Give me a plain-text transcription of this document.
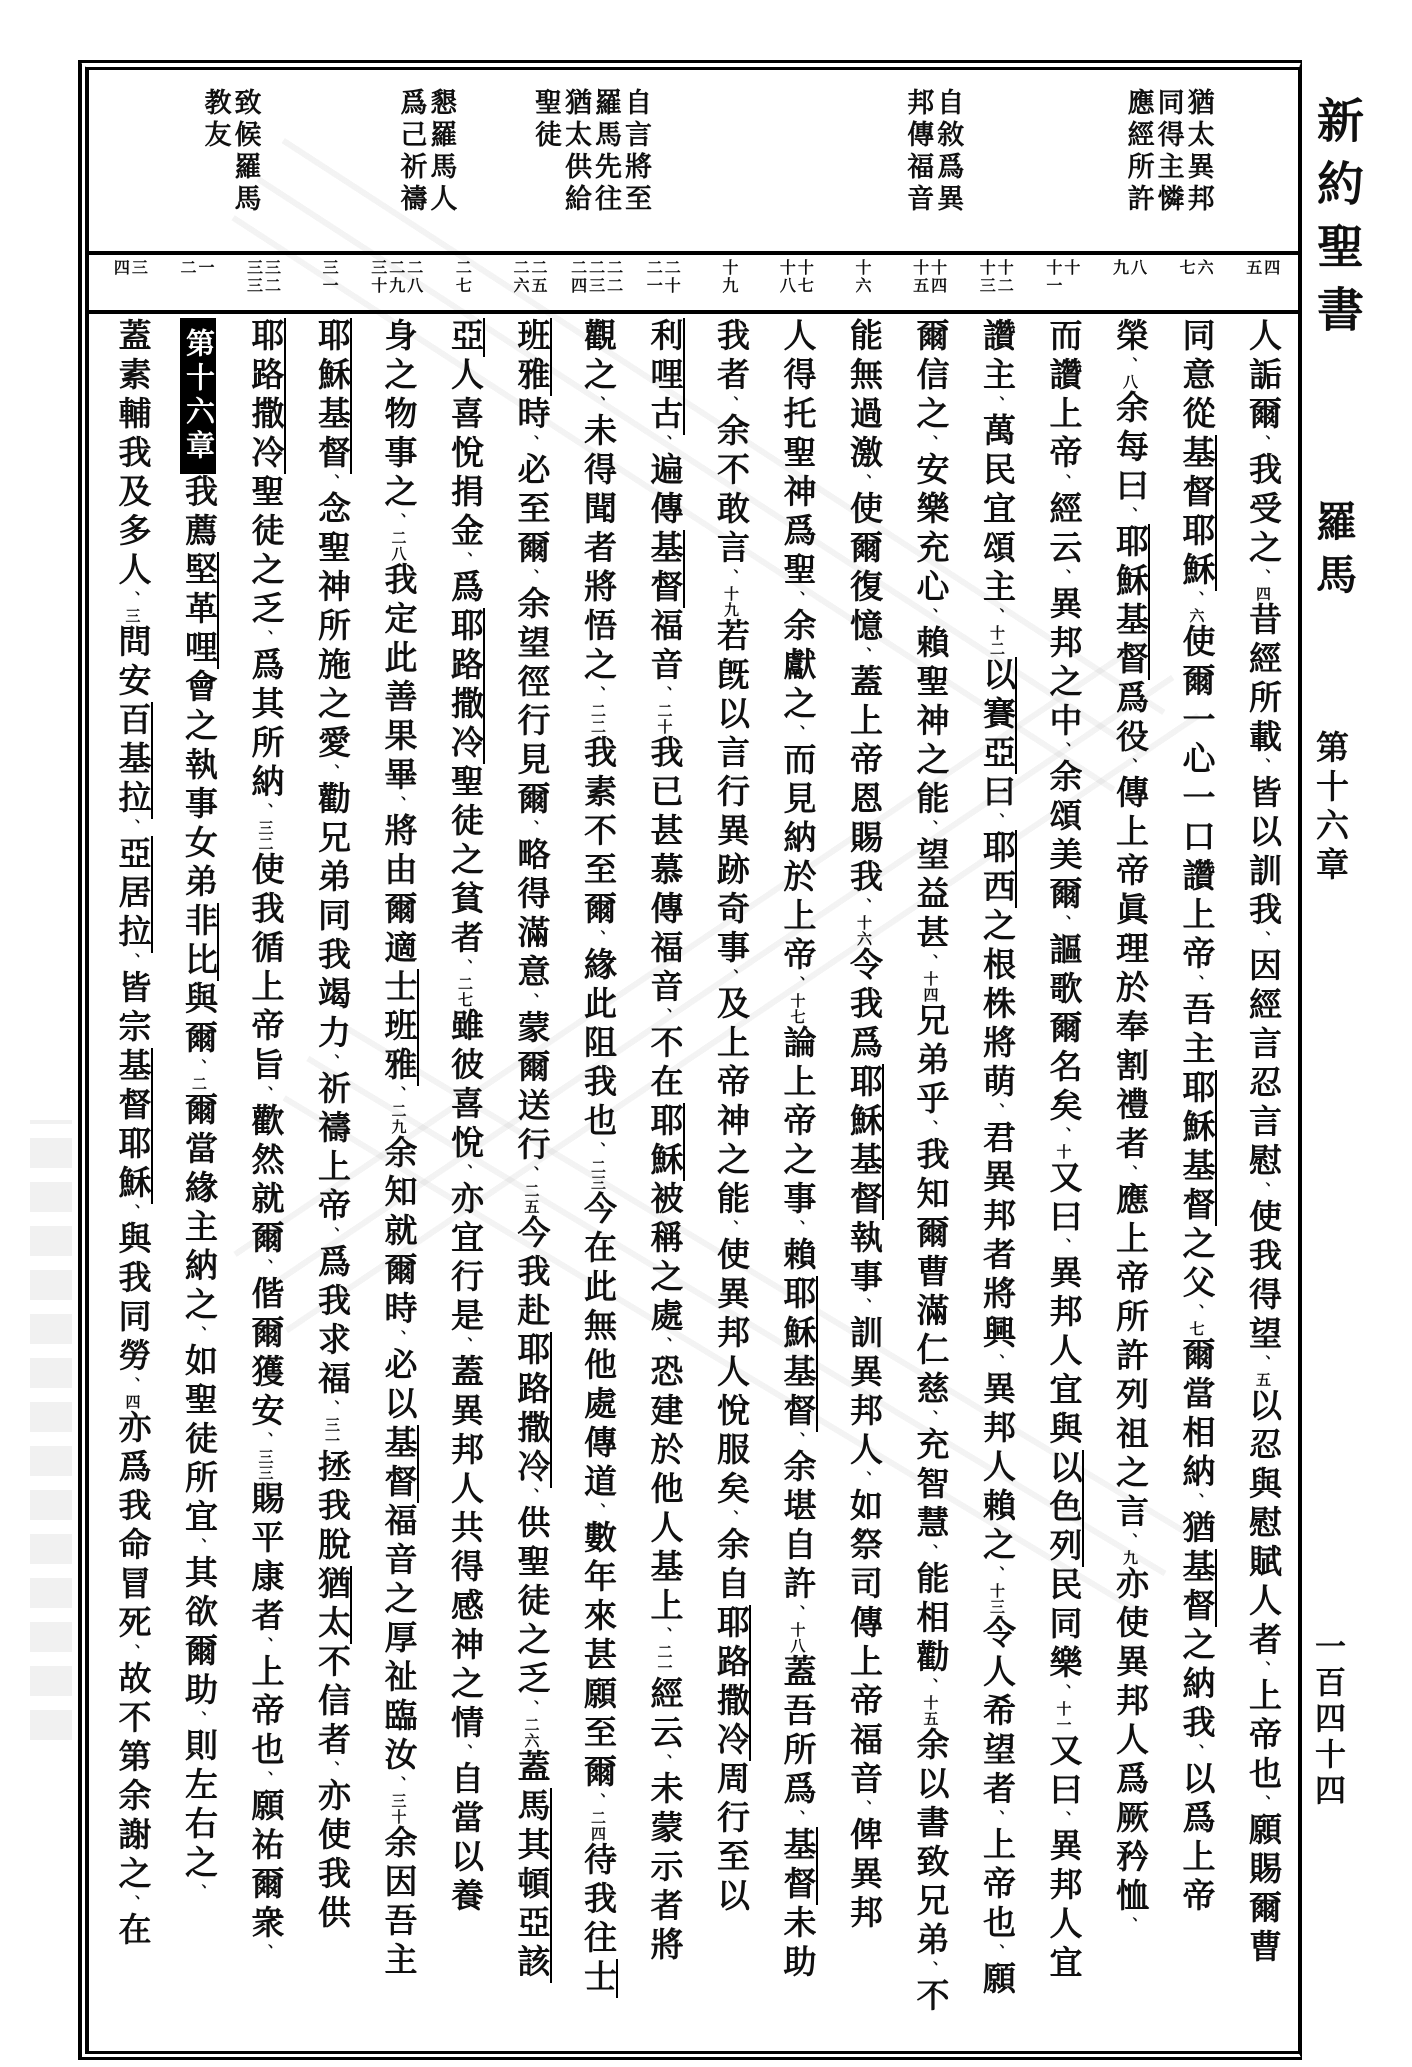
新約聖書
羅馬
第十六章
一百四十四
猶太異邦
同得主憐
應經所許
自敘爲異
邦傳福音
自言將至
羅馬先往
猶太供給
聖徒
懇羅馬人
爲己祈禱
致候羅馬
教友
四
五
六
七
八
九
十
十一
十二
十三
十四
十五
十六
十七
十八
十九
二十
二一
二二
二三
二四
二五
二六
二七
二八
二九
三十
三一
三二
三三
一
二
三
四
人詬爾、我受之、四昔經所載、皆以訓我、因經言忍言慰、使我得望、五以忍與慰賦人者、上帝也、願賜爾曹
同意從基督耶穌、六使爾一心一口讚上帝、吾主耶穌基督之父、七爾當相納、猶基督之納我、以爲上帝
榮、八余每曰、耶穌基督爲役、傳上帝眞理於奉割禮者、應上帝所許列祖之言、九亦使異邦人爲厥矜恤、
而讚上帝、經云、異邦之中、余頌美爾、謳歌爾名矣、十又曰、異邦人宜與以色列民同樂、十一又曰、異邦人宜
讚主、萬民宜頌主、十二以賽亞曰、耶西之根株將萌、君異邦者將興、異邦人賴之、十三令人希望者、上帝也、願
爾信之、安樂充心、賴聖神之能、望益甚、十四兄弟乎、我知爾曹滿仁慈、充智慧、能相勸、十五余以書致兄弟、不
能無過激、使爾復憶、蓋上帝恩賜我、十六令我爲耶穌基督執事、訓異邦人、如祭司傳上帝福音、俾異邦
人得托聖神爲聖、余獻之、而見納於上帝、十七論上帝之事、賴耶穌基督、余堪自許、十八蓋吾所爲、基督未助
我者、余不敢言、十九若旣以言行異跡奇事、及上帝神之能、使異邦人悅服矣、余自耶路撒冷周行至以
利哩古、遍傳基督福音、二十我已甚慕傳福音、不在耶穌被稱之處、恐建於他人基上、二一經云、未蒙示者將
觀之、未得聞者將悟之、二二我素不至爾、緣此阻我也、二三今在此無他處傳道、數年來甚願至爾、二四待我往士
班雅時、必至爾、余望徑行見爾、略得滿意、蒙爾送行、二五今我赴耶路撒冷、供聖徒之乏、二六蓋馬其頓亞該
亞人喜悅捐金、爲耶路撒冷聖徒之貧者、二七雖彼喜悅、亦宜行是、蓋異邦人共得感神之情、自當以養
身之物事之、二八我定此善果畢、將由爾適士班雅、二九余知就爾時、必以基督福音之厚祉臨汝、三十余因吾主
耶穌基督、念聖神所施之愛、勸兄弟同我竭力、祈禱上帝、爲我求福、三一拯我脫猶太不信者、亦使我供
耶路撒冷聖徒之乏、爲其所納、三二使我循上帝旨、歡然就爾、偕爾獲安、三三賜平康者、上帝也、願祐爾衆、
第十六章我薦堅革哩會之執事女弟非比與爾、二爾當緣主納之、如聖徒所宜、其欲爾助、則左右之、
蓋素輔我及多人、三問安百基拉、亞居拉、皆宗基督耶穌、與我同勞、四亦爲我命冒死、故不第余謝之、在
